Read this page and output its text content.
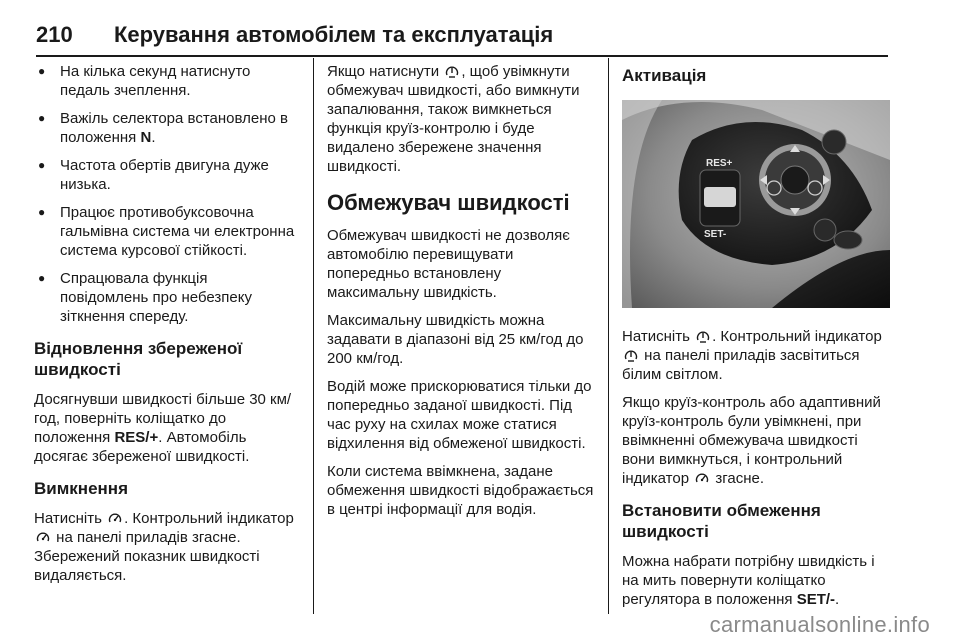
210 Керування автомобілем та експлуатація
● На кілька секунд натиснуто педаль зчеплення.
● Важіль селектора встановлено в положення N.
● Частота обертів двигуна дуже низька.
● Працює противобуксовочна гальмівна система чи електронна система курсової стійкості.
● Спрацювала функція повідомлень про небезпеку зіткнення спереду.
Відновлення збереженої швидкості

Досягнувши швидкості більше 30 км/год, поверніть коліщатко до положення RES/+. Автомобіль досягає збереженої швидкості.

Вимкнення

Натисніть . Контрольний індикатор  на панелі приладів згасне. Збережений показник швидкості видаляється.

Якщо натиснути , щоб увімкнути обмежувач швидкості, або вимкнути запалювання, також вимкнеться функція круїз-контролю і буде видалено збережене значення швидкості.

Обмежувач швидкості

Обмежувач швидкості не дозволяє автомобілю перевищувати попередньо встановлену максимальну швидкість.

Максимальну швидкість можна задавати в діапазоні від 25 км/год до 200 км/год.

Водій може прискорюватися тільки до попередньо заданої швидкості. Під час руху на схилах може статися відхилення від обмеженої швидкості.

Коли система ввімкнена, задане обмеження швидкості відображається в центрі інформації для водія.

Активація
RES+
SET-

Натисніть . Контрольний індикатор  на панелі приладів засвітиться білим світлом.

Якщо круїз-контроль або адаптивний круїз-контроль були увімкнені, при ввімкненні обмежувача швидкості вони вимкнуться, і контрольний індикатор  згасне.

Встановити обмеження швидкості

Можна набрати потрібну швидкість і на мить повернути коліщатко регулятора в положення SET/-.

carmanualsonline.info
